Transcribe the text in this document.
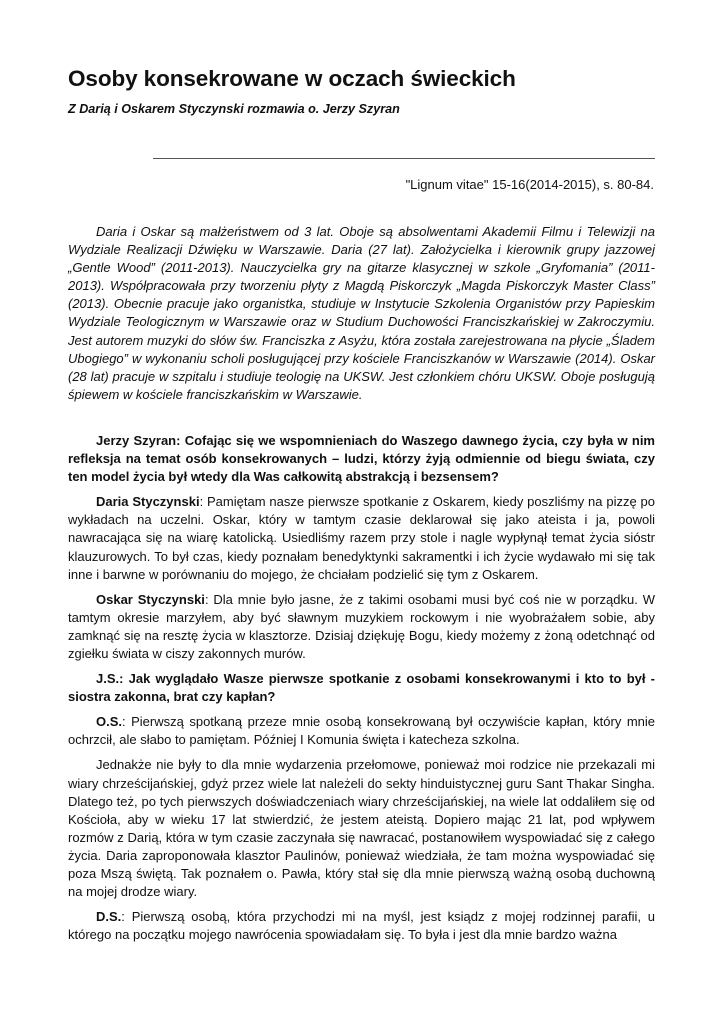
Osoby konsekrowane w oczach świeckich

Z Darią i Oskarem Styczynski rozmawia o. Jerzy Szyran

"Lignum vitae" 15-16(2014-2015), s. 80-84.

Daria i Oskar są małżeństwem od 3 lat. Oboje są absolwentami Akademii Filmu i Telewizji na Wydziale Realizacji Dźwięku w Warszawie. Daria (27 lat). Założycielka i kierownik grupy jazzowej „Gentle Wood” (2011-2013). Nauczycielka gry na gitarze klasycznej w szkole „Gryfomania” (2011-2013). Współpracowała przy tworzeniu płyty z Magdą Piskorczyk „Magda Piskorczyk Master Class” (2013). Obecnie pracuje jako organistka, studiuje w Instytucie Szkolenia Organistów przy Papieskim Wydziale Teologicznym w Warszawie oraz w Studium Duchowości Franciszkańskiej w Zakroczymiu. Jest autorem muzyki do słów św. Franciszka z Asyżu, która została zarejestrowana na płycie „Śladem Ubogiego” w wykonaniu scholi posługującej przy kościele Franciszkanów w Warszawie (2014). Oskar (28 lat) pracuje w szpitalu i studiuje teologię na UKSW. Jest członkiem chóru UKSW. Oboje posługują śpiewem w kościele franciszkańskim w Warszawie.

Jerzy Szyran: Cofając się we wspomnieniach do Waszego dawnego życia, czy była w nim refleksja na temat osób konsekrowanych – ludzi, którzy żyją odmiennie od biegu świata, czy ten model życia był wtedy dla Was całkowitą abstrakcją i bezsensem?

Daria Styczynski: Pamiętam nasze pierwsze spotkanie z Oskarem, kiedy poszliśmy na pizzę po wykładach na uczelni. Oskar, który w tamtym czasie deklarował się jako ateista i ja, powoli nawracająca się na wiarę katolicką. Usiedliśmy razem przy stole i nagle wypłynął temat życia sióstr klauzurowych. To był czas, kiedy poznałam benedyktynki sakramentki i ich życie wydawało mi się tak inne i barwne w porównaniu do mojego, że chciałam podzielić się tym z Oskarem.

Oskar Styczynski: Dla mnie było jasne, że z takimi osobami musi być coś nie w porządku. W tamtym okresie marzyłem, aby być sławnym muzykiem rockowym i nie wyobrażałem sobie, aby zamknąć się na resztę życia w klasztorze. Dzisiaj dziękuję Bogu, kiedy możemy z żoną odetchnąć od zgiełku świata w ciszy zakonnych murów.

J.S.: Jak wyglądało Wasze pierwsze spotkanie z osobami konsekrowanymi i kto to był - siostra zakonna, brat czy kapłan?

O.S.: Pierwszą spotkaną przeze mnie osobą konsekrowaną był oczywiście kapłan, który mnie ochrzcił, ale słabo to pamiętam. Później I Komunia święta i katecheza szkolna.

Jednakże nie były to dla mnie wydarzenia przełomowe, ponieważ moi rodzice nie przekazali mi wiary chrześcijańskiej, gdyż przez wiele lat należeli do sekty hinduistycznej guru Sant Thakar Singha. Dlatego też, po tych pierwszych doświadczeniach wiary chrześcijańskiej, na wiele lat oddaliłem się od Kościoła, aby w wieku 17 lat stwierdzić, że jestem ateistą. Dopiero mając 21 lat, pod wpływem rozmów z Darią, która w tym czasie zaczynała się nawracać, postanowiłem wyspowiadać się z całego życia. Daria zaproponowała klasztor Paulinów, ponieważ wiedziała, że tam można wyspowiadać się poza Mszą świętą. Tak poznałem o. Pawła, który stał się dla mnie pierwszą ważną osobą duchowną na mojej drodze wiary.

D.S.: Pierwszą osobą, która przychodzi mi na myśl, jest ksiądz z mojej rodzinnej parafii, u którego na początku mojego nawrócenia spowiadałam się. To była i jest dla mnie bardzo ważna
